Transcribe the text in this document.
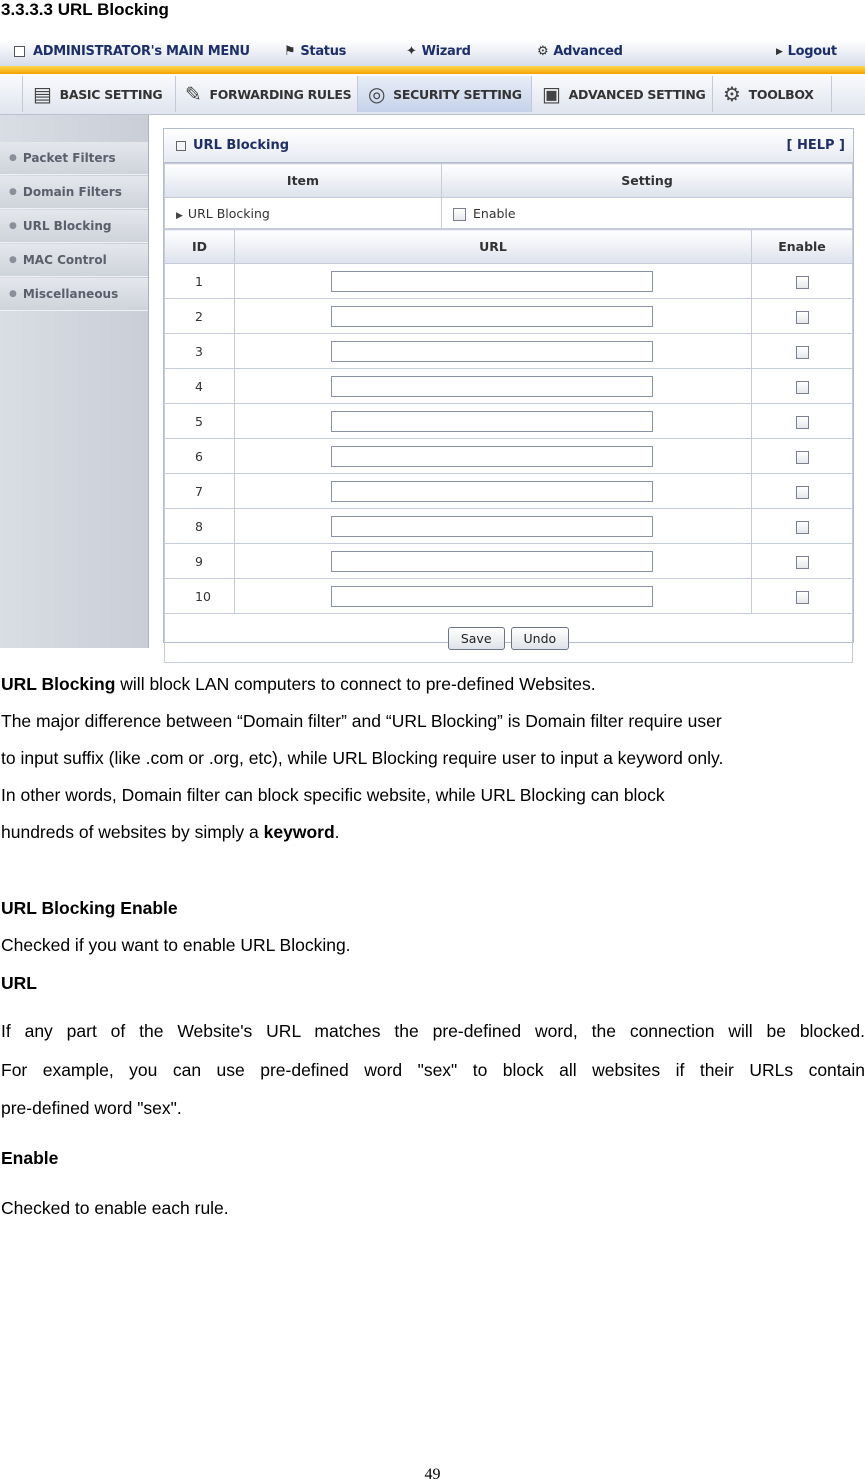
3.3.3.3 URL Blocking
ADMINISTRATOR's MAIN MENU	⚑ Status	✦ Wizard	⚙ Advanced	▶ Logout
▤ BASIC SETTING ✎ FORWARDING RULES ◎ SECURITY SETTING ▣ ADVANCED SETTING ⚙ TOOLBOX
● Packet Filters
● Domain Filters
● URL Blocking
● MAC Control
● Miscellaneous
URL Blocking	[ HELP ]
Item	Setting
▶ URL Blocking	Enable
ID	URL	Enable
1		
2		
3		
4		
5		
6		
7		
8		
9		
10		
Save Undo		
URL Blocking will block LAN computers to connect to pre-defined Websites.
The major difference between “Domain filter” and “URL Blocking” is Domain filter require user
to input suffix (like .com or .org, etc), while URL Blocking require user to input a keyword only.
In other words, Domain filter can block specific website, while URL Blocking can block
hundreds of websites by simply a keyword.
URL Blocking Enable
Checked if you want to enable URL Blocking.
URL
If any part of the Website's URL matches the pre-defined word, the connection will be blocked.
For example, you can use pre-defined word "sex" to block all websites if their URLs contain
pre-defined word "sex".
Enable
Checked to enable each rule.
49
